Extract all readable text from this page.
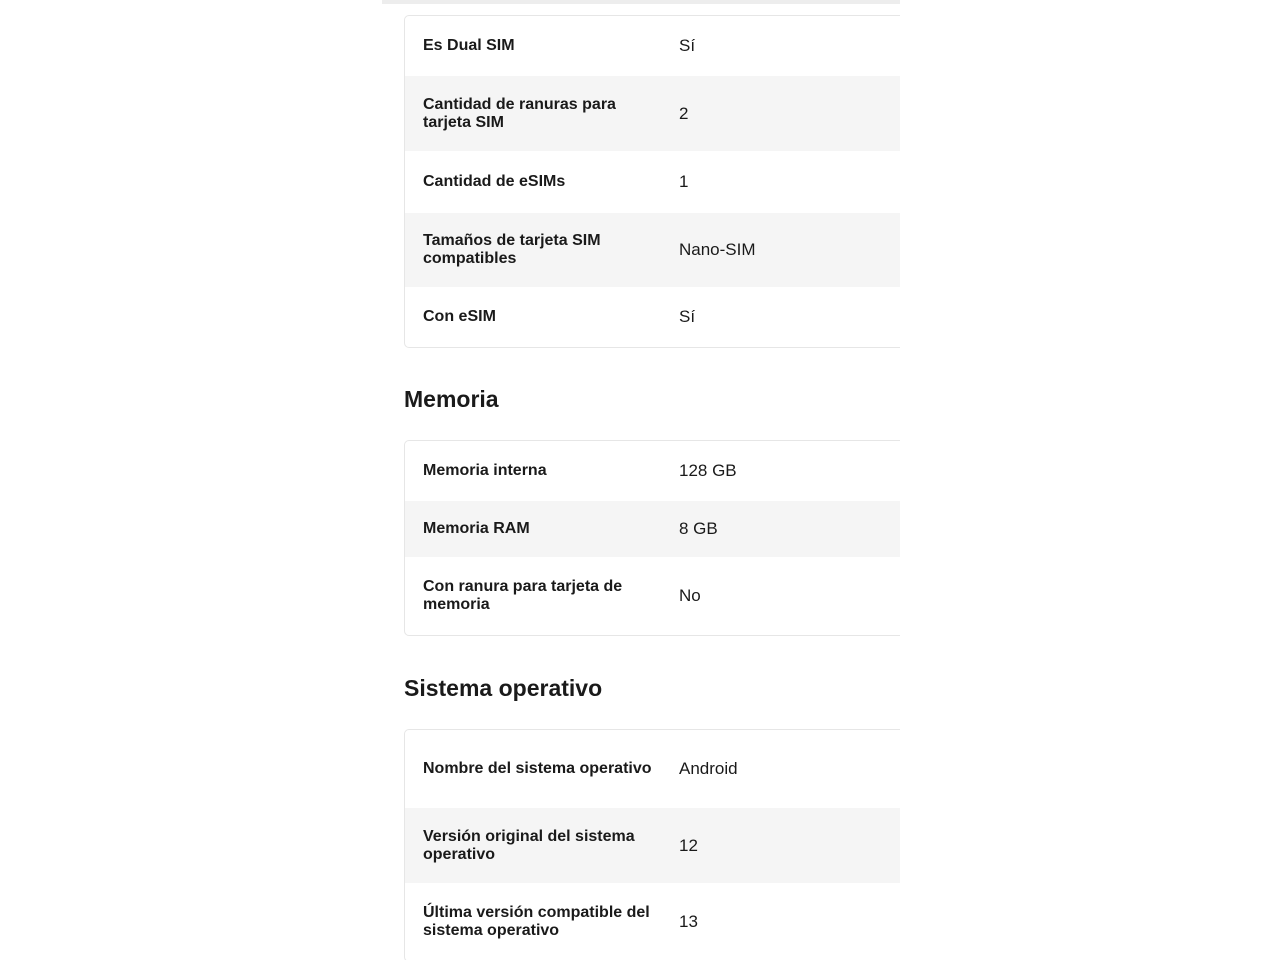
Es Dual SIM	Sí
Cantidad de ranuras para tarjeta SIM	2
Cantidad de eSIMs	1
Tamaños de tarjeta SIM compatibles	Nano-SIM
Con eSIM	Sí
Memoria
Memoria interna	128 GB
Memoria RAM	8 GB
Con ranura para tarjeta de memoria	No
Sistema operativo
Nombre del sistema operativo	Android
Versión original del sistema operativo	12
Última versión compatible del sistema operativo	13
